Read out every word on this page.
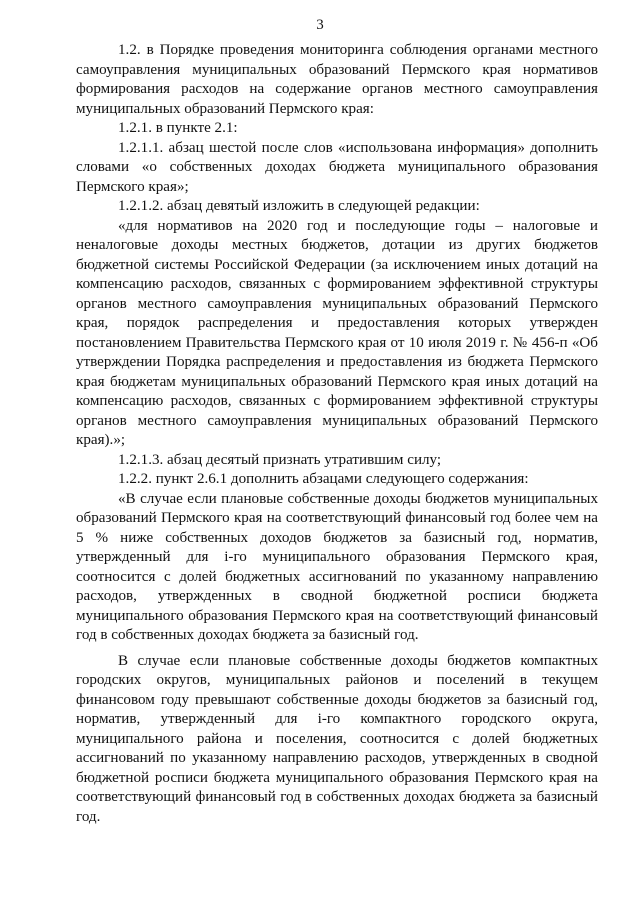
3

1.2. в Порядке проведения мониторинга соблюдения органами местного самоуправления муниципальных образований Пермского края нормативов формирования расходов на содержание органов местного самоуправления муниципальных образований Пермского края:

1.2.1. в пункте 2.1:

1.2.1.1. абзац шестой после слов «использована информация» дополнить словами «о собственных доходах бюджета муниципального образования Пермского края»;

1.2.1.2. абзац девятый изложить в следующей редакции:

«для нормативов на 2020 год и последующие годы – налоговые и неналоговые доходы местных бюджетов, дотации из других бюджетов бюджетной системы Российской Федерации (за исключением иных дотаций на компенсацию расходов, связанных с формированием эффективной структуры органов местного самоуправления муниципальных образований Пермского края, порядок распределения и предоставления которых утвержден постановлением Правительства Пермского края от 10 июля 2019 г. № 456-п «Об утверждении Порядка распределения и предоставления из бюджета Пермского края бюджетам муниципальных образований Пермского края иных дотаций на компенсацию расходов, связанных с формированием эффективной структуры органов местного самоуправления муниципальных образований Пермского края).»;

1.2.1.3. абзац десятый признать утратившим силу;

1.2.2. пункт 2.6.1 дополнить абзацами следующего содержания:

«В случае если плановые собственные доходы бюджетов муниципальных образований Пермского края на соответствующий финансовый год более чем на 5 % ниже собственных доходов бюджетов за базисный год, норматив, утвержденный для i-го муниципального образования Пермского края, соотносится с долей бюджетных ассигнований по указанному направлению расходов, утвержденных в сводной бюджетной росписи бюджета муниципального образования Пермского края на соответствующий финансовый год в собственных доходах бюджета за базисный год.

В случае если плановые собственные доходы бюджетов компактных городских округов, муниципальных районов и поселений в текущем финансовом году превышают собственные доходы бюджетов за базисный год, норматив, утвержденный для i-го компактного городского округа, муниципального района и поселения, соотносится с долей бюджетных ассигнований по указанному направлению расходов, утвержденных в сводной бюджетной росписи бюджета муниципального образования Пермского края на соответствующий финансовый год в собственных доходах бюджета за базисный год.
